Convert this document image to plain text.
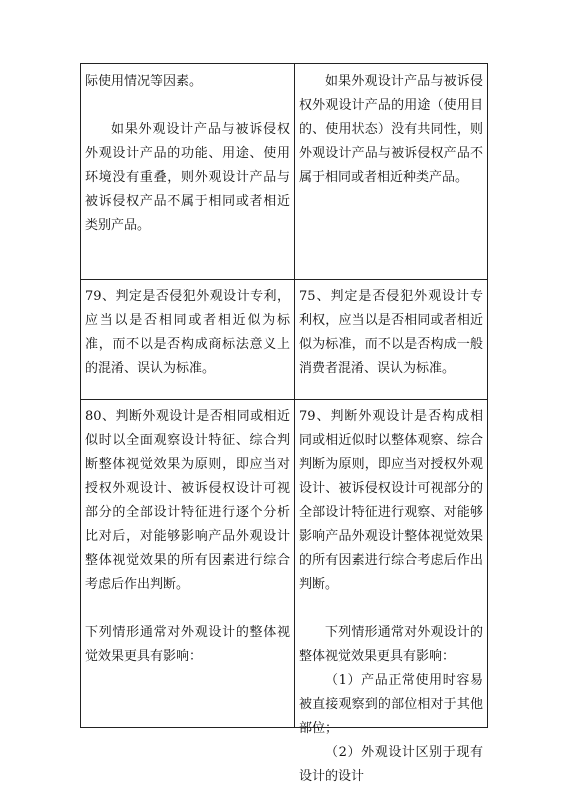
际使用情况等因素。

如果外观设计产品与被诉侵权外观设计产品的功能、用途、使用环境没有重叠，则外观设计产品与被诉侵权产品不属于相同或者相近类别产品。

如果外观设计产品与被诉侵权外观设计产品的用途（使用目的、使用状态）没有共同性，则外观设计产品与被诉侵权产品不属于相同或者相近种类产品。

79、判定是否侵犯外观设计专利，应当以是否相同或者相近似为标准，而不以是否构成商标法意义上的混淆、误认为标准。

75、判定是否侵犯外观设计专利权，应当以是否相同或者相近似为标准，而不以是否构成一般消费者混淆、误认为标准。

80、判断外观设计是否相同或相近似时以全面观察设计特征、综合判断整体视觉效果为原则，即应当对授权外观设计、被诉侵权设计可视部分的全部设计特征进行逐个分析比对后，对能够影响产品外观设计整体视觉效果的所有因素进行综合考虑后作出判断。

下列情形通常对外观设计的整体视觉效果更具有影响：

79、判断外观设计是否构成相同或相近似时以整体观察、综合判断为原则，即应当对授权外观设计、被诉侵权设计可视部分的全部设计特征进行观察、对能够影响产品外观设计整体视觉效果的所有因素进行综合考虑后作出判断。

下列情形通常对外观设计的整体视觉效果更具有影响：

（1）产品正常使用时容易被直接观察到的部位相对于其他部位；

（2）外观设计区别于现有设计的设计
